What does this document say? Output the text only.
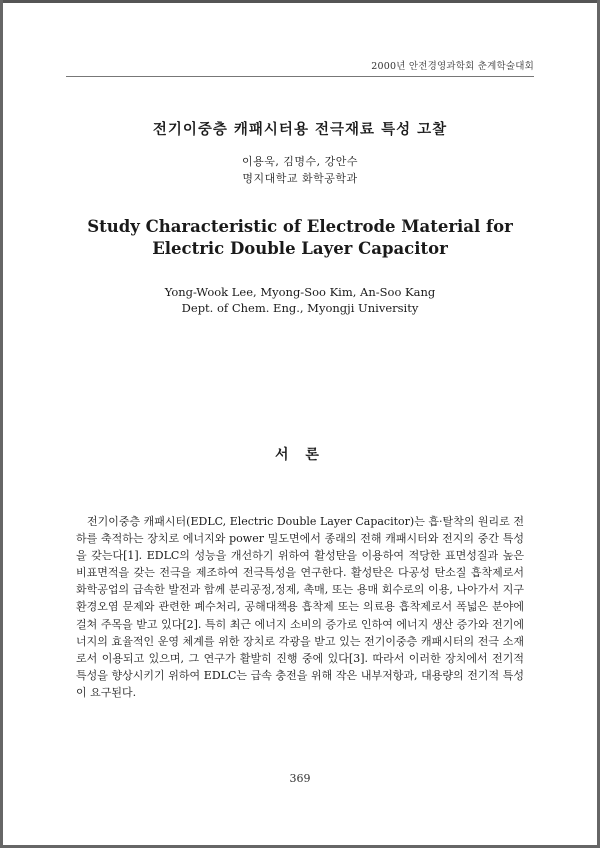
2000년 안전경영과학회 춘계학술대회
전기이중층 캐패시터용 전극재료 특성 고찰
이용욱, 김명수, 강안수
명지대학교 화학공학과
Study Characteristic of Electrode Material for
Electric Double Layer Capacitor
Yong-Wook Lee, Myong-Soo Kim, An-Soo Kang
Dept. of Chem. Eng., Myongji University
서 론

전기이중층 캐패시터(EDLC, Electric Double Layer Capacitor)는 흡·탈착의 원리로 전하를 축적하는 장치로 에너지와 power 밀도면에서 종래의 전해 캐패시터와 전지의 중간 특성을 갖는다[1]. EDLC의 성능을 개선하기 위하여 활성탄을 이용하여 적당한 표면성질과 높은 비표면적을 갖는 전극을 제조하여 전극특성을 연구한다. 활성탄은 다공성 탄소질 흡착제로서 화학공업의 급속한 발전과 함께 분리공정,정제, 촉매, 또는 용매 회수로의 이용, 나아가서 지구환경오염 문제와 관련한 폐수처리, 공해대책용 흡착제 또는 의료용 흡착제로서 폭넓은 분야에 걸쳐 주목을 받고 있다[2]. 특히 최근 에너지 소비의 증가로 인하여 에너지 생산 증가와 전기에너지의 효율적인 운영 체계를 위한 장치로 각광을 받고 있는 전기이중층 캐패시터의 전극 소재로서 이용되고 있으며, 그 연구가 활발히 진행 중에 있다[3]. 따라서 이러한 장치에서 전기적 특성을 향상시키기 위하여 EDLC는 급속 충전을 위해 작은 내부저항과, 대용량의 전기적 특성이 요구된다.

369
